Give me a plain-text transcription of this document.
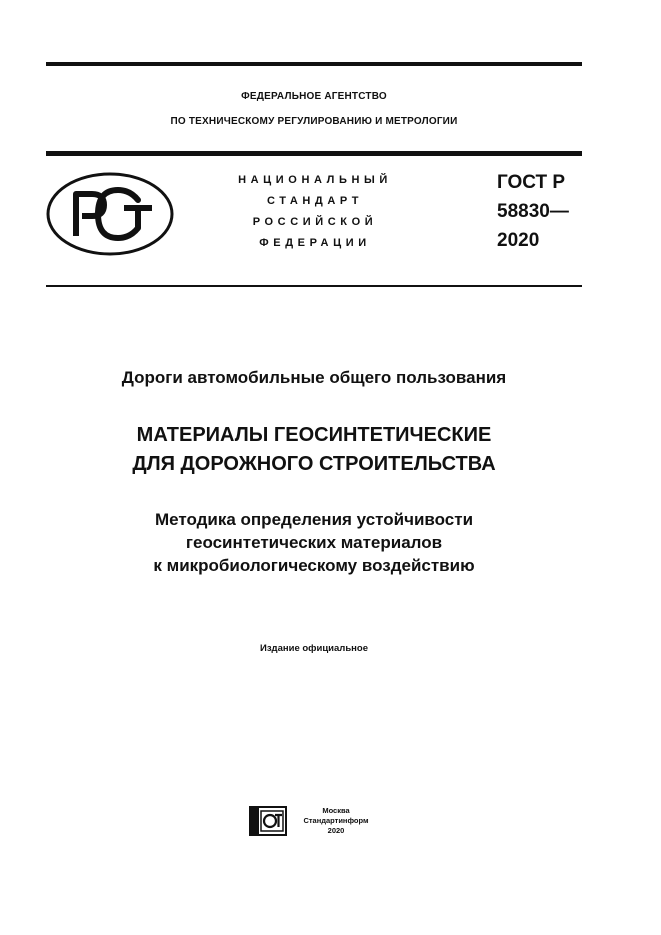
ФЕДЕРАЛЬНОЕ АГЕНТСТВО
ПО ТЕХНИЧЕСКОМУ РЕГУЛИРОВАНИЮ И МЕТРОЛОГИИ
НАЦИОНАЛЬНЫЙ
СТАНДАРТ
РОССИЙСКОЙ
ФЕДЕРАЦИИ
ГОСТ Р
58830—
2020
Дороги автомобильные общего пользования
МАТЕРИАЛЫ ГЕОСИНТЕТИЧЕСКИЕ
ДЛЯ ДОРОЖНОГО СТРОИТЕЛЬСТВА
Методика определения устойчивости
геосинтетических материалов
к микробиологическому воздействию
Издание официальное
Москва
Стандартинформ
2020
